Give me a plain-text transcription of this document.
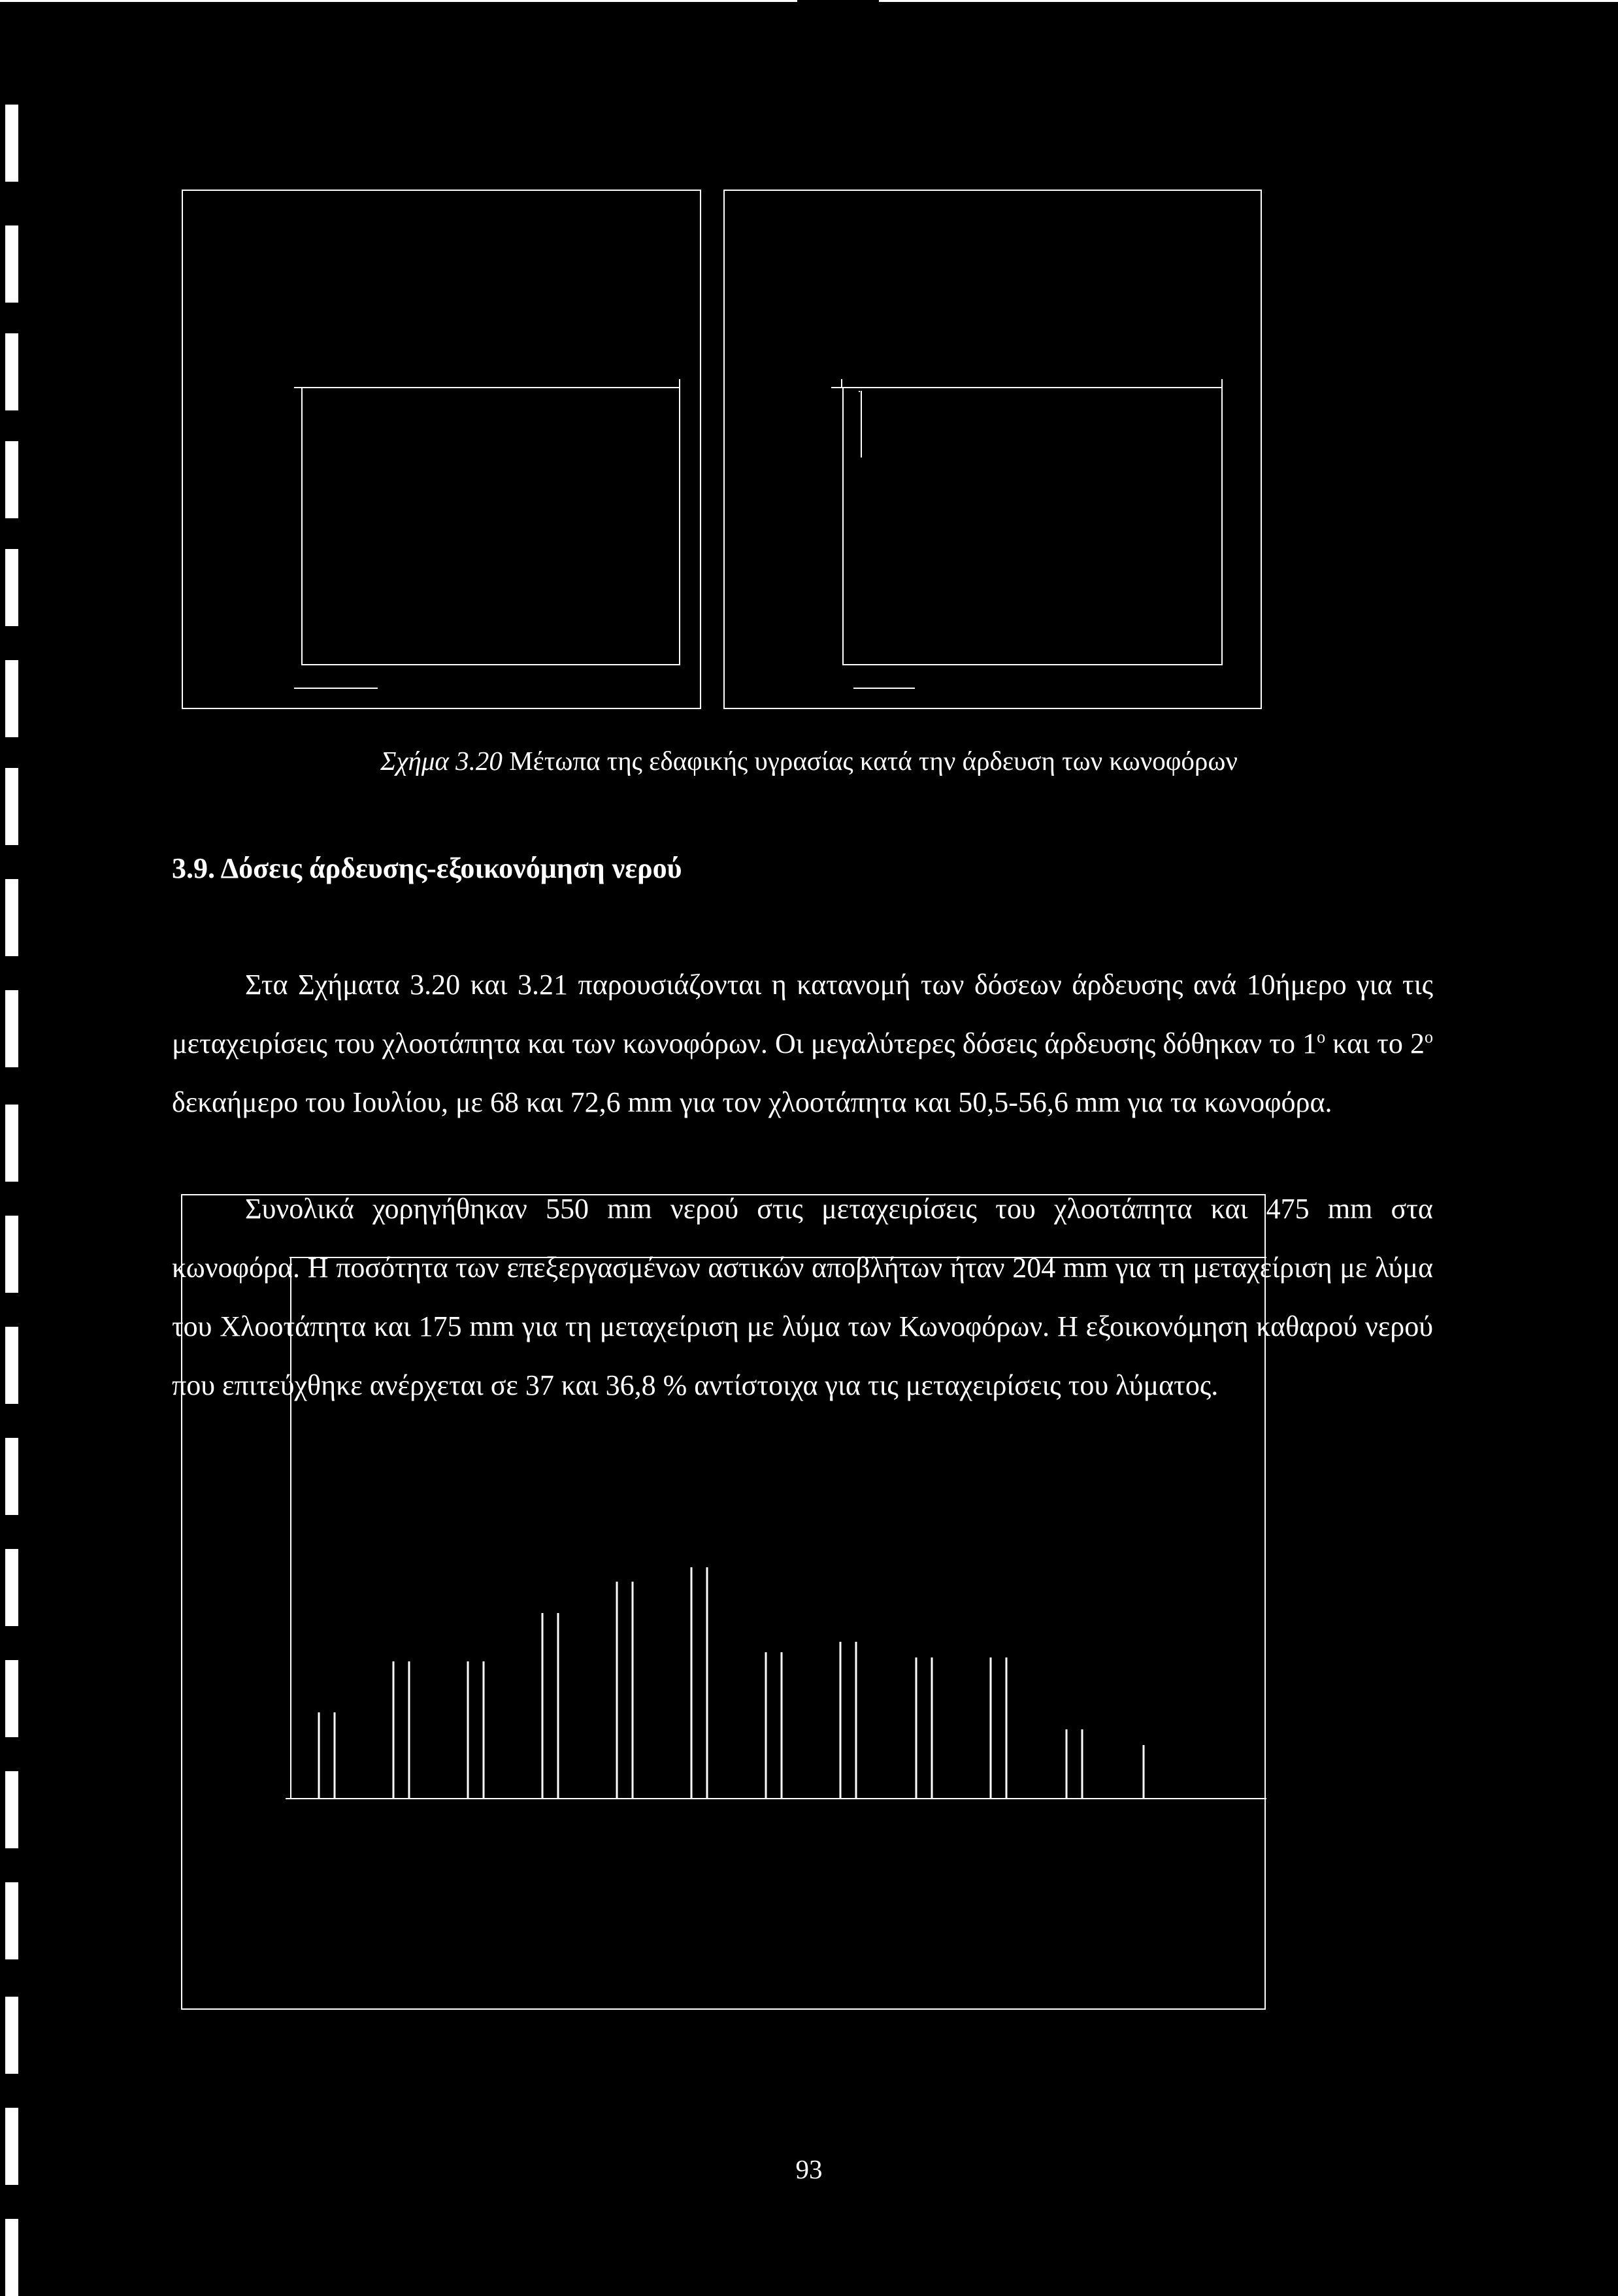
Σχήμα 3.20 Μέτωπα της εδαφικής υγρασίας κατά την άρδευση των κωνοφόρων
3.9. Δόσεις άρδευσης-εξοικονόμηση νερού

Στα Σχήματα 3.20 και 3.21 παρουσιάζονται η κατανομή των δόσεων άρδευσης ανά 10ήμερο για τις μεταχειρίσεις του χλοοτάπητα και των κωνοφόρων. Οι μεγαλύτερες δόσεις άρδευσης δόθηκαν το $1^o$ και το $2^o$ δεκαήμερο του Ιουλίου, με 68 και 72,6 mm για τον χλοοτάπητα και 50,5-56,6 mm για τα κωνοφόρα.

Συνολικά χορηγήθηκαν 550 mm νερού στις μεταχειρίσεις του χλοοτάπητα και 475 mm στα κωνοφόρα. Η ποσότητα των επεξεργασμένων αστικών αποβλήτων ήταν 204 mm για τη μεταχείριση με λύμα του Χλοοτάπητα και 175 mm για τη μεταχείριση με λύμα των Κωνοφόρων. Η εξοικονόμηση καθαρού νερού που επιτεύχθηκε ανέρχεται σε 37 και 36,8 % αντίστοιχα για τις μεταχειρίσεις του λύματος.

93
